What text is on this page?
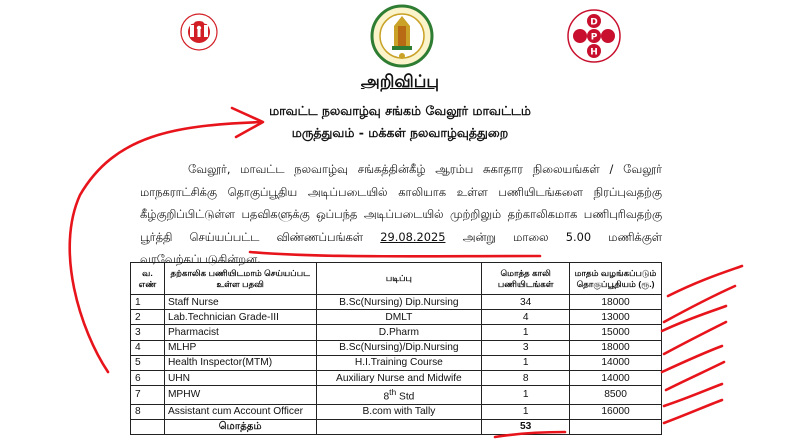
D
P
H
அறிவிப்பு
மாவட்ட நலவாழ்வு சங்கம் வேலூர் மாவட்டம்
மருத்துவம் - மக்கள் நலவாழ்வுத்துறை

வேலூர், மாவட்ட நலவாழ்வு சங்கத்தின்கீழ் ஆரம்ப சுகாதார நிலையங்கள் / வேலூர் மாநகராட்சிக்கு தொகுப்பூதிய அடிப்படையில் காலியாக உள்ள பணியிடங்களை நிரப்புவதற்கு கீழ்குறிப்பிட்டுள்ள பதவிகளுக்கு ஒப்பந்த அடிப்படையில் முற்றிலும் தற்காலிகமாக பணிபுரிவதற்கு பூர்த்தி செய்யப்பட்ட விண்ணப்பங்கள் 29.08.2025 அன்று மாலை 5.00 மணிக்குள் வரவேற்கப்படுகின்றன.

வ. எண்	தற்காலிக பணியிடமாம் செய்யப்பட உள்ள பதவி	படிப்பு	மொத்த காலி பணியிடங்கள்	மாதம் வழங்கப்படும் தொகுப்பூதியம் (ரூ.)
1	Staff Nurse	B.Sc(Nursing) Dip.Nursing	34	18000
2	Lab.Technician Grade-III	DMLT	4	13000
3	Pharmacist	D.Pharm	1	15000
4	MLHP	B.Sc(Nursing)/Dip.Nursing	3	18000
5	Health Inspector(MTM)	H.I.Training Course	1	14000
6	UHN	Auxiliary Nurse and Midwife	8	14000
7	MPHW	8th Std	1	8500
8	Assistant cum Account Officer	B.com with Tally	1	16000
	மொத்தம்		53	
